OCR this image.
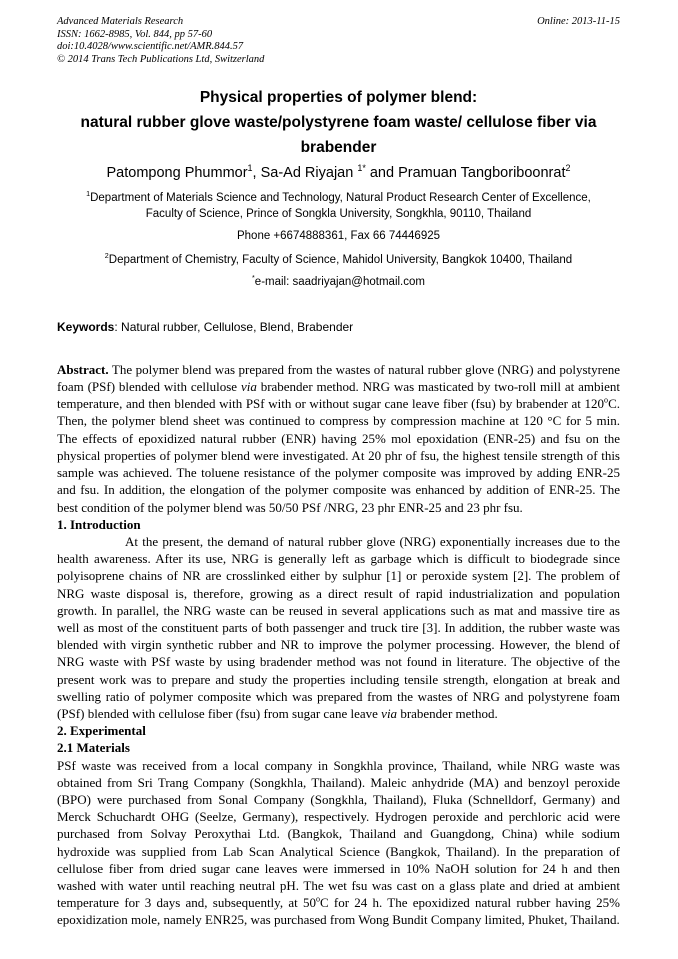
Advanced Materials Research
ISSN: 1662-8985, Vol. 844, pp 57-60
doi:10.4028/www.scientific.net/AMR.844.57
© 2014 Trans Tech Publications Ltd, Switzerland
Online: 2013-11-15
Physical properties of polymer blend:
natural rubber glove waste/polystyrene foam waste/ cellulose fiber via brabender
Patompong Phummor$^1$, Sa-Ad Riyajan $^{1*}$ and Pramuan Tangboriboonrat$^2$
$^1$Department of Materials Science and Technology, Natural Product Research Center of Excellence, Faculty of Science, Prince of Songkla University, Songkhla, 90110, Thailand
Phone +6674888361, Fax 66 74446925
$^2$Department of Chemistry, Faculty of Science, Mahidol University, Bangkok 10400, Thailand
*e-mail: saadriyajan@hotmail.com
Keywords: Natural rubber, Cellulose, Blend, Brabender

Abstract. The polymer blend was prepared from the wastes of natural rubber glove (NRG) and polystyrene foam (PSf) blended with cellulose via brabender method. NRG was masticated by two-roll mill at ambient temperature, and then blended with PSf with or without sugar cane leave fiber (fsu) by brabender at 120$^o$C. Then, the polymer blend sheet was continued to compress by compression machine at 120 °C for 5 min. The effects of epoxidized natural rubber (ENR) having 25% mol epoxidation (ENR-25) and fsu on the physical properties of polymer blend were investigated. At 20 phr of fsu, the highest tensile strength of this sample was achieved. The toluene resistance of the polymer composite was improved by adding ENR-25 and fsu. In addition, the elongation of the polymer composite was enhanced by addition of ENR-25. The best condition of the polymer blend was 50/50 PSf /NRG, 23 phr ENR-25 and 23 phr fsu.

1. Introduction

At the present, the demand of natural rubber glove (NRG) exponentially increases due to the health awareness. After its use, NRG is generally left as garbage which is difficult to biodegrade since polyisoprene chains of NR are crosslinked either by sulphur [1] or peroxide system [2]. The problem of NRG waste disposal is, therefore, growing as a direct result of rapid industrialization and population growth. In parallel, the NRG waste can be reused in several applications such as mat and massive tire as well as most of the constituent parts of both passenger and truck tire [3]. In addition, the rubber waste was blended with virgin synthetic rubber and NR to improve the polymer processing. However, the blend of NRG waste with PSf waste by using bradender method was not found in literature. The objective of the present work was to prepare and study the properties including tensile strength, elongation at break and swelling ratio of polymer composite which was prepared from the wastes of NRG and polystyrene foam (PSf) blended with cellulose fiber (fsu) from sugar cane leave via brabender method.

2. Experimental
2.1 Materials

PSf waste was received from a local company in Songkhla province, Thailand, while NRG waste was obtained from Sri Trang Company (Songkhla, Thailand). Maleic anhydride (MA) and benzoyl peroxide (BPO) were purchased from Sonal Company (Songkhla, Thailand), Fluka (Schnelldorf, Germany) and Merck Schuchardt OHG (Seelze, Germany), respectively. Hydrogen peroxide and perchloric acid were purchased from Solvay Peroxythai Ltd. (Bangkok, Thailand and Guangdong, China) while sodium hydroxide was supplied from Lab Scan Analytical Science (Bangkok, Thailand). In the preparation of cellulose fiber from dried sugar cane leaves were immersed in 10% NaOH solution for 24 h and then washed with water until reaching neutral pH. The wet fsu was cast on a glass plate and dried at ambient temperature for 3 days and, subsequently, at 50$^o$C for 24 h. The epoxidized natural rubber having 25% epoxidization mole, namely ENR25, was purchased from Wong Bundit Company limited, Phuket, Thailand.
